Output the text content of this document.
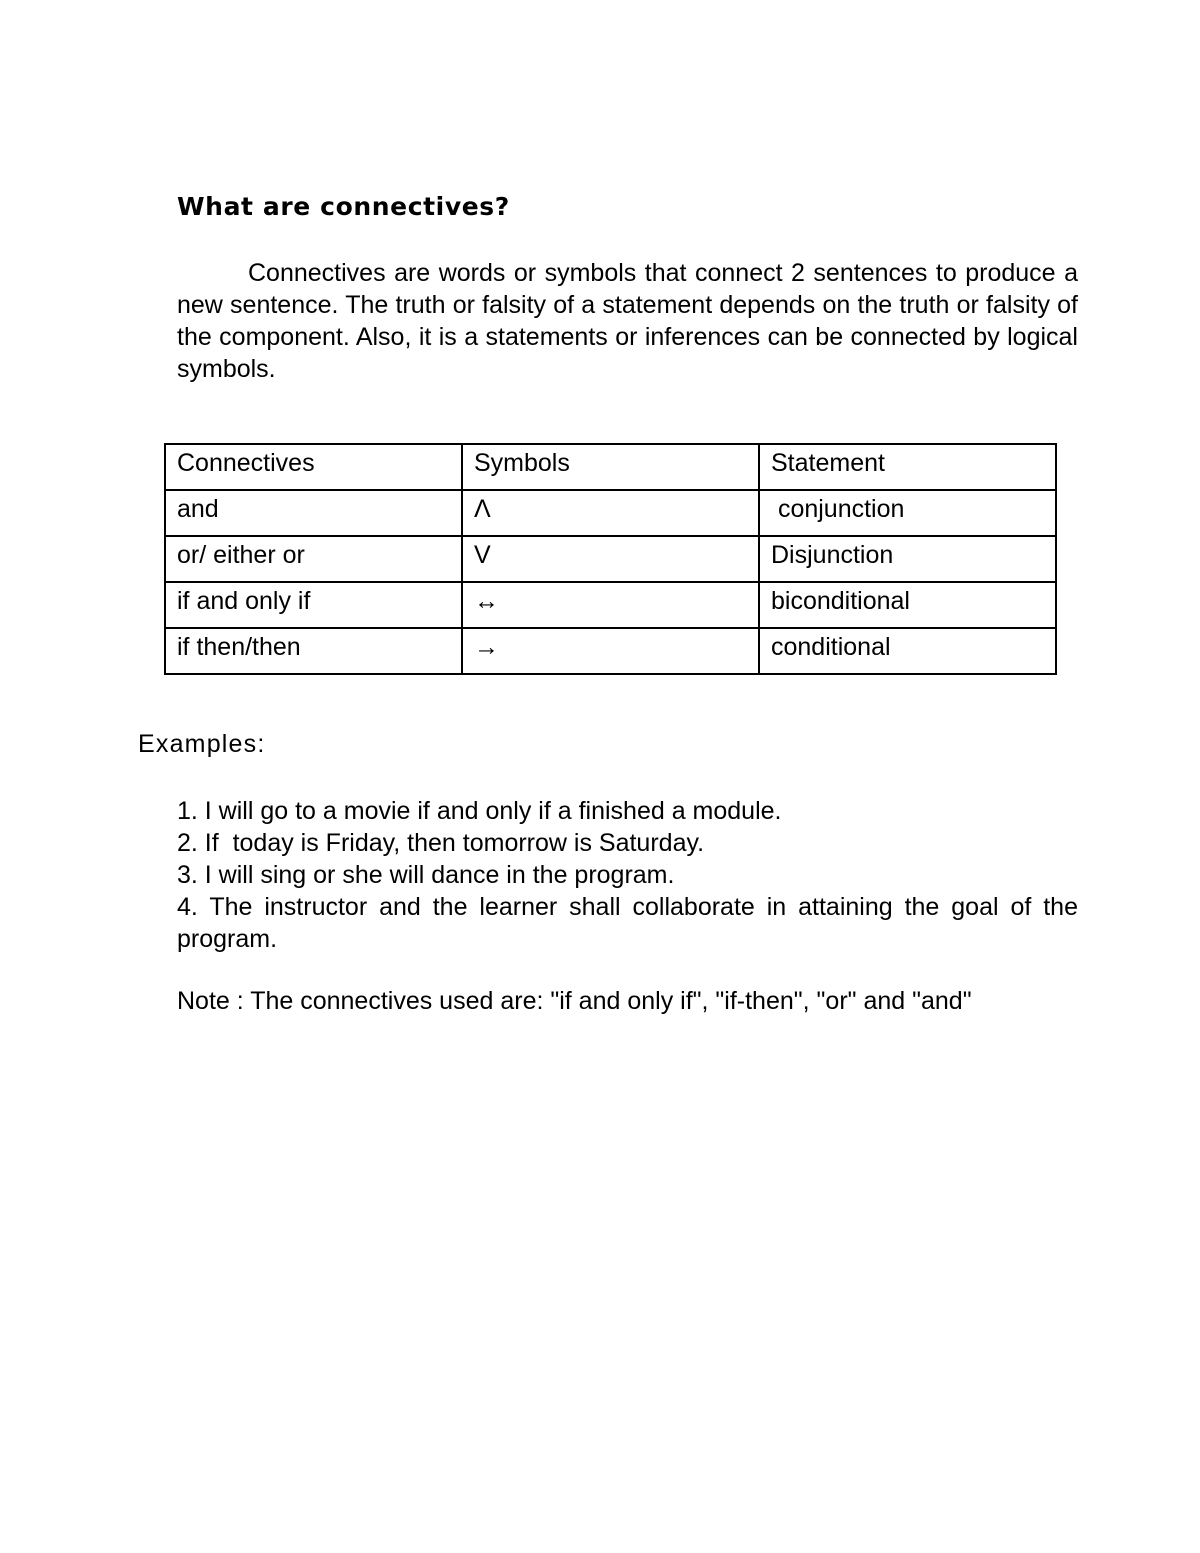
What are connectives?

Connectives are words or symbols that connect 2 sentences to produce a new sentence. The truth or falsity of a statement depends on the truth or falsity of the component. Also, it is a statements or inferences can be connected by logical symbols.

Connectives	Symbols	Statement
and	Λ	conjunction
or/ either or	V	Disjunction
if and only if	↔	biconditional
if then/then	→	conditional

Examples:

1. I will go to a movie if and only if a finished a module.
2. If  today is Friday, then tomorrow is Saturday.
3. I will sing or she will dance in the program.
4. The instructor and the learner shall collaborate in attaining the goal of the program.

Note : The connectives used are: "if and only if", "if-then", "or" and "and"
